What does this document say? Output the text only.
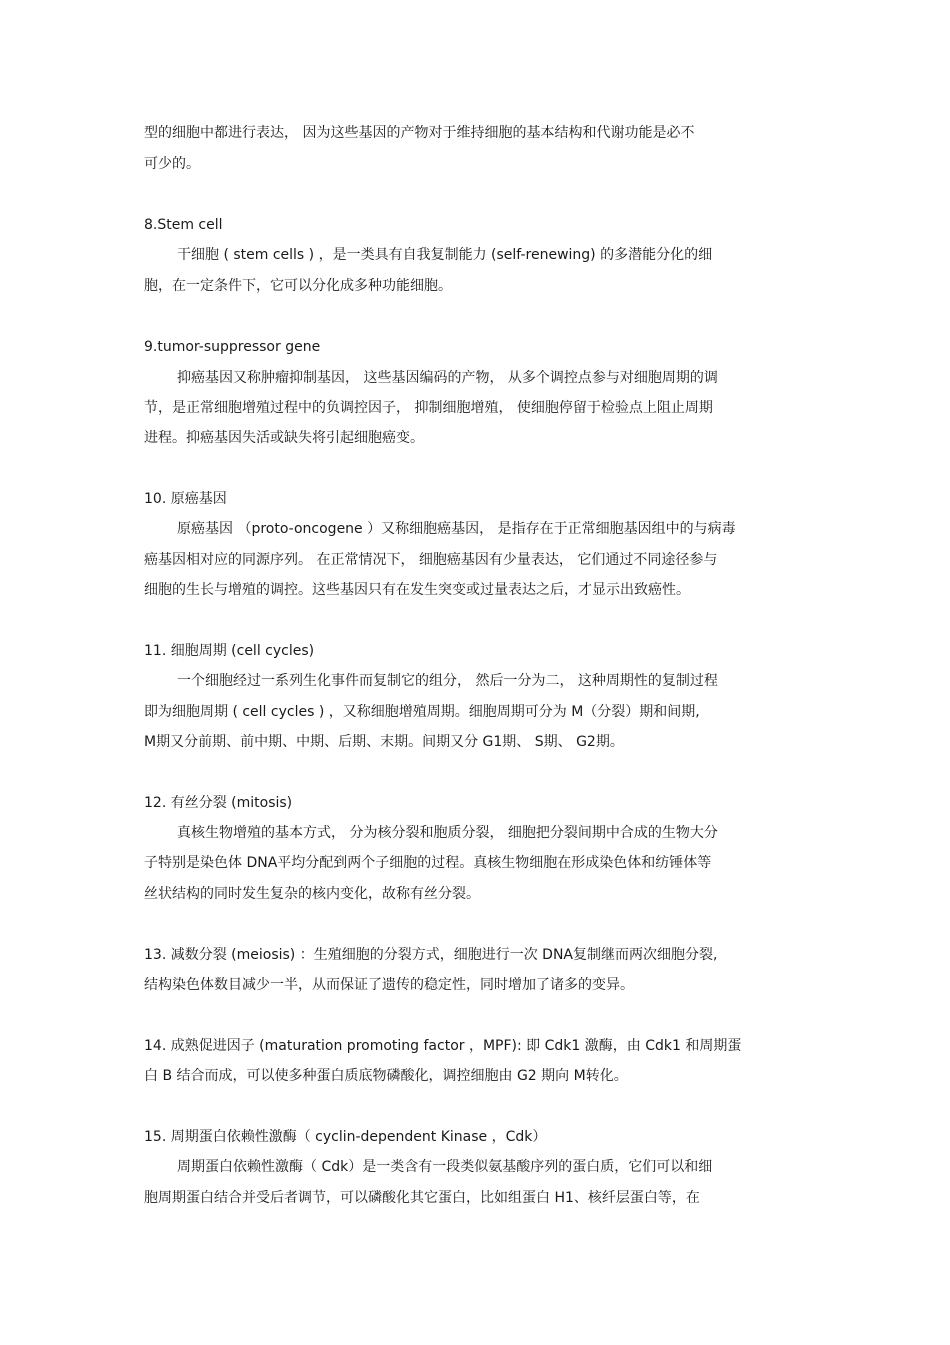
型的细胞中都进行表达， 因为这些基因的产物对于维持细胞的基本结构和代谢功能是必不
可少的。
8.Stem cell
干细胞 ( stem cells ) ，是一类具有自我复制能力 (self-renewing) 的多潜能分化的细
胞，在一定条件下，它可以分化成多种功能细胞。
9.tumor-suppressor gene
抑癌基因又称肿瘤抑制基因， 这些基因编码的产物， 从多个调控点参与对细胞周期的调
节，是正常细胞增殖过程中的负调控因子， 抑制细胞增殖， 使细胞停留于检验点上阻止周期
进程。抑癌基因失活或缺失将引起细胞癌变。
10. 原癌基因
原癌基因 （proto-oncogene ）又称细胞癌基因， 是指存在于正常细胞基因组中的与病毒
癌基因相对应的同源序列。 在正常情况下， 细胞癌基因有少量表达， 它们通过不同途径参与
细胞的生长与增殖的调控。这些基因只有在发生突变或过量表达之后，才显示出致癌性。
11. 细胞周期 (cell cycles)
一个细胞经过一系列生化事件而复制它的组分， 然后一分为二， 这种周期性的复制过程
即为细胞周期 ( cell cycles ) ，又称细胞增殖周期。细胞周期可分为 M（分裂）期和间期,
M期又分前期、前中期、中期、后期、末期。间期又分 G1期、 S期、 G2期。
12. 有丝分裂 (mitosis)
真核生物增殖的基本方式， 分为核分裂和胞质分裂， 细胞把分裂间期中合成的生物大分
子特别是染色体 DNA平均分配到两个子细胞的过程。真核生物细胞在形成染色体和纺锤体等
丝状结构的同时发生复杂的核内变化，故称有丝分裂。
13. 减数分裂 (meiosis) ：生殖细胞的分裂方式，细胞进行一次 DNA复制继而两次细胞分裂,
结构染色体数目减少一半，从而保证了遗传的稳定性，同时增加了诸多的变异。
14. 成熟促进因子 (maturation promoting factor ，MPF): 即 Cdk1 激酶，由 Cdk1 和周期蛋
白 B 结合而成，可以使多种蛋白质底物磷酸化，调控细胞由 G2 期向 M转化。
15. 周期蛋白依赖性激酶（ cyclin-dependent Kinase ，Cdk）
周期蛋白依赖性激酶（ Cdk）是一类含有一段类似氨基酸序列的蛋白质，它们可以和细
胞周期蛋白结合并受后者调节，可以磷酸化其它蛋白，比如组蛋白 H1、核纤层蛋白等，在
